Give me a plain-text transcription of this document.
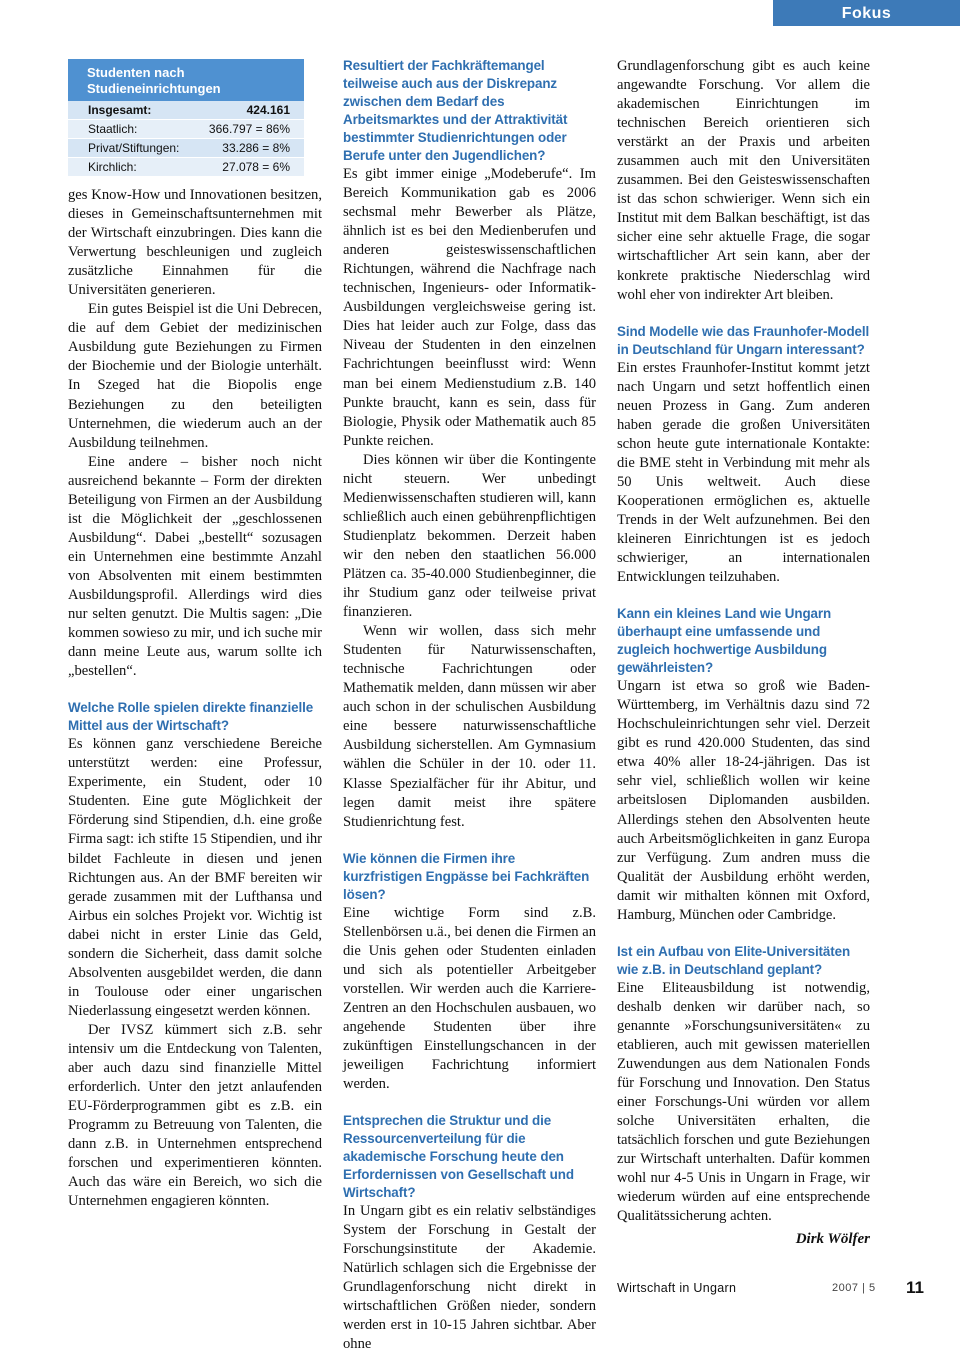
Fokus
Studenten nach Studieneinrichtungen
Insgesamt:	424.161
Staatlich:	366.797 = 86%
Privat/Stiftungen:	33.286 = 8%
Kirchlich:	27.078 = 6%

ges Know-How und Innovationen besitzen, dieses in Gemeinschaftsunternehmen mit der Wirtschaft einzubringen. Dies kann die Verwertung beschleunigen und zugleich zusätzliche Einnahmen für die Universitäten generieren.

Ein gutes Beispiel ist die Uni Debrecen, die auf dem Gebiet der medizinischen Ausbildung gute Beziehungen zu Firmen der Biochemie und der Biologie unterhält. In Szeged hat die Biopolis enge Beziehungen zu den beteiligten Unternehmen, die wiederum auch an der Ausbildung teilnehmen.

Eine andere – bisher noch nicht ausreichend bekannte – Form der direkten Beteiligung von Firmen an der Ausbildung ist die Möglichkeit der „geschlossenen Ausbildung“. Dabei „bestellt“ sozusagen ein Unternehmen eine bestimmte Anzahl von Absolventen mit einem bestimmten Ausbildungsprofil. Allerdings wird dies nur selten genutzt. Die Multis sagen: „Die kommen sowieso zu mir, und ich suche mir dann meine Leute aus, warum sollte ich „bestellen“.

Welche Rolle spielen direkte finanzielle Mittel aus der Wirtschaft?

Es können ganz verschiedene Bereiche unterstützt werden: eine Professur, Experimente, ein Student, oder 10 Studenten. Eine gute Möglichkeit der Förderung sind Stipendien, d.h. eine große Firma sagt: ich stifte 15 Stipendien, und ihr bildet Fachleute in diesen und jenen Richtungen aus. An der BMF bereiten wir gerade zusammen mit der Lufthansa und Airbus ein solches Projekt vor. Wichtig ist dabei nicht in erster Linie das Geld, sondern die Sicherheit, dass damit solche Absolventen ausgebildet werden, die dann in Toulouse oder einer ungarischen Niederlassung eingesetzt werden können.

Der IVSZ kümmert sich z.B. sehr intensiv um die Entdeckung von Talenten, aber auch dazu sind finanzielle Mittel erforderlich. Unter den jetzt anlaufenden EU-Förderprogrammen gibt es z.B. ein Programm zu Betreuung von Talenten, die dann z.B. in Unternehmen entsprechend forschen und experimentieren könnten. Auch das wäre ein Bereich, wo sich die Unternehmen engagieren könnten.

Resultiert der Fachkräftemangel teilweise auch aus der Diskrepanz zwischen dem Bedarf des Arbeitsmarktes und der Attraktivität bestimmter Studienrichtungen oder Berufe unter den Jugendlichen?

Es gibt immer einige „Modeberufe“. Im Bereich Kommunikation gab es 2006 sechsmal mehr Bewerber als Plätze, ähnlich ist es bei den Medienberufen und anderen geisteswissenschaftlichen Richtungen, während die Nachfrage nach technischen, Ingenieurs- oder Informatik-Ausbildungen vergleichsweise gering ist. Dies hat leider auch zur Folge, dass das Niveau der Studenten in den einzelnen Fachrichtungen beeinflusst wird: Wenn man bei einem Medienstudium z.B. 140 Punkte braucht, kann es sein, dass für Biologie, Physik oder Mathematik auch 85 Punkte reichen.

Dies können wir über die Kontingente nicht steuern. Wer unbedingt Medienwissenschaften studieren will, kann schließlich auch einen gebührenpflichtigen Studienplatz bekommen. Derzeit haben wir den neben den staatlichen 56.000 Plätzen ca. 35-40.000 Studienbeginner, die ihr Studium ganz oder teilweise privat finanzieren.

Wenn wir wollen, dass sich mehr Studenten für Naturwissenschaften, technische Fachrichtungen oder Mathematik melden, dann müssen wir aber auch schon in der schulischen Ausbildung eine bessere naturwissenschaftliche Ausbildung sicherstellen. Am Gymnasium wählen die Schüler in der 10. oder 11. Klasse Spezialfächer für ihr Abitur, und legen damit meist ihre spätere Studienrichtung fest.

Wie können die Firmen ihre kurzfristigen Engpässe bei Fachkräften lösen?

Eine wichtige Form sind z.B. Stellenbörsen u.ä., bei denen die Firmen an die Unis gehen oder Studenten einladen und sich als potentieller Arbeitgeber vorstellen. Wir werden auch die Karriere-Zentren an den Hochschulen ausbauen, wo angehende Studenten über ihre zukünftigen Einstellungschancen in der jeweiligen Fachrichtung informiert werden.

Entsprechen die Struktur und die Ressourcenverteilung für die akademische Forschung heute den Erfordernissen von Gesellschaft und Wirtschaft?

In Ungarn gibt es ein relativ selbständiges System der Forschung in Gestalt der Forschungsinstitute der Akademie. Natürlich schlagen sich die Ergebnisse der Grundlagenforschung nicht direkt in wirtschaftlichen Größen nieder, sondern werden erst in 10-15 Jahren sichtbar. Aber ohne

Grundlagenforschung gibt es auch keine angewandte Forschung. Vor allem die akademischen Einrichtungen im technischen Bereich orientieren sich verstärkt an der Praxis und arbeiten zusammen auch mit den Universitäten zusammen. Bei den Geisteswissenschaften ist das schon schwieriger. Wenn sich ein Institut mit dem Balkan beschäftigt, ist das sicher eine sehr aktuelle Frage, die sogar wirtschaftlicher Art sein kann, aber der konkrete praktische Niederschlag wird wohl eher von indirekter Art bleiben.

Sind Modelle wie das Fraunhofer-Modell in Deutschland für Ungarn interessant?

Ein erstes Fraunhofer-Institut kommt jetzt nach Ungarn und setzt hoffentlich einen neuen Prozess in Gang. Zum anderen haben gerade die großen Universitäten schon heute gute internationale Kontakte: die BME steht in Verbindung mit mehr als 50 Unis weltweit. Auch diese Kooperationen ermöglichen es, aktuelle Trends in der Welt aufzunehmen. Bei den kleineren Einrichtungen ist es jedoch schwieriger, an internationalen Entwicklungen teilzuhaben.

Kann ein kleines Land wie Ungarn überhaupt eine umfassende und zugleich hochwertige Ausbildung gewährleisten?

Ungarn ist etwa so groß wie Baden-Württemberg, im Verhältnis dazu sind 72 Hochschuleinrichtungen sehr viel. Derzeit gibt es rund 420.000 Studenten, das sind etwa 40% aller 18-24-jährigen. Das ist sehr viel, schließlich wollen wir keine arbeitslosen Diplomanden ausbilden. Allerdings stehen den Absolventen heute auch Arbeitsmöglichkeiten in ganz Europa zur Verfügung. Zum andren muss die Qualität der Ausbildung erhöht werden, damit wir mithalten können mit Oxford, Hamburg, München oder Cambridge.

Ist ein Aufbau von Elite-Universitäten wie z.B. in Deutschland geplant?

Eine Eliteausbildung ist notwendig, deshalb denken wir darüber nach, so genannte »Forschungsuniversitäten« zu etablieren, auch mit gewissen materiellen Zuwendungen aus dem Nationalen Fonds für Forschung und Innovation. Den Status einer Forschungs-Uni würden vor allem solche Universitäten erhalten, die tatsächlich forschen und gute Beziehungen zur Wirtschaft unterhalten. Dafür kommen wohl nur 4-5 Unis in Ungarn in Frage, wir wiederum würden auf eine entsprechende Qualitätssicherung achten.

Dirk Wölfer
Wirtschaft in Ungarn	2007 | 5 11
